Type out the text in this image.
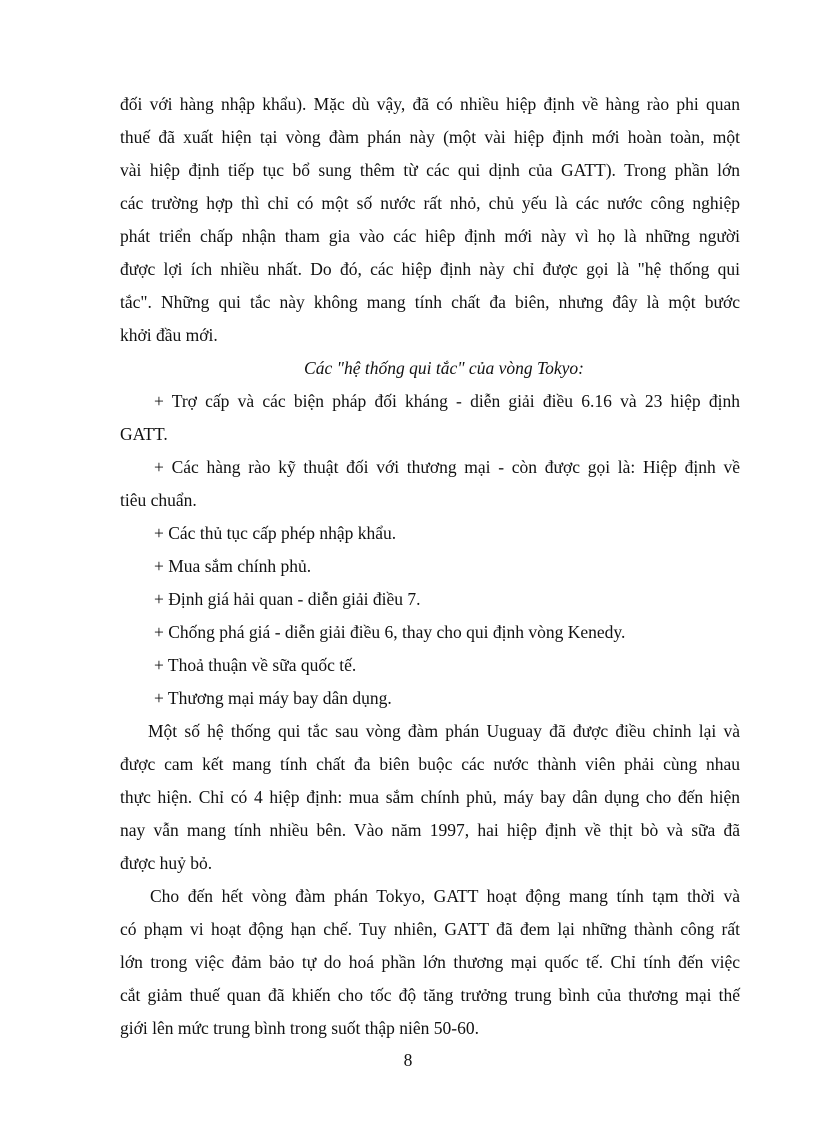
đối với hàng nhập khẩu). Mặc dù vậy, đã có nhiều hiệp định về hàng rào phi quan
thuế đã xuất hiện tại vòng đàm phán này (một vài hiệp định mới hoàn toàn, một
vài hiệp định tiếp tục bổ sung thêm từ các qui dịnh của GATT). Trong phần lớn
các trường hợp thì chỉ có một số nước rất nhỏ, chủ yếu là các nước công nghiệp
phát triển chấp nhận tham gia vào các hiêp định mới này vì họ là những người
được lợi ích nhiều nhất. Do đó, các hiệp định này chỉ được gọi là "hệ thống qui
tắc". Những qui tắc này không mang tính chất đa biên, nhưng đây là một bước
khởi đầu mới.
Các "hệ thống qui tắc" của vòng Tokyo:
+ Trợ cấp và các biện pháp đối kháng - diễn giải điều 6.16 và 23 hiệp định
GATT.
+ Các hàng rào kỹ thuật đối với thương mại - còn được gọi là: Hiệp định về
tiêu chuẩn.
+ Các thủ tục cấp phép nhập khẩu.
+ Mua sắm chính phủ.
+ Định giá hải quan - diễn giải điều 7.
+ Chống phá giá - diễn giải điều 6, thay cho qui định vòng Kenedy.
+ Thoả thuận về sữa quốc tế.
+ Thương mại máy bay dân dụng.
Một số hệ thống qui tắc sau vòng đàm phán Uuguay đã được điều chỉnh lại và
được cam kết mang tính chất đa biên buộc các nước thành viên phải cùng nhau
thực hiện. Chỉ có 4 hiệp định: mua sắm chính phủ, máy bay dân dụng cho đến hiện
nay vẫn mang tính nhiều bên. Vào năm 1997, hai hiệp định về thịt bò và sữa đã
được huỷ bỏ.
Cho đến hết vòng đàm phán Tokyo, GATT hoạt động mang tính tạm thời và
có phạm vi hoạt động hạn chế. Tuy nhiên, GATT đã đem lại những thành công rất
lớn trong việc đảm bảo tự do hoá phần lớn thương mại quốc tế. Chỉ tính đến việc
cắt giảm thuế quan đã khiến cho tốc độ tăng trưởng trung bình của thương mại thế
giới lên mức trung bình trong suốt thập niên 50-60.
8
